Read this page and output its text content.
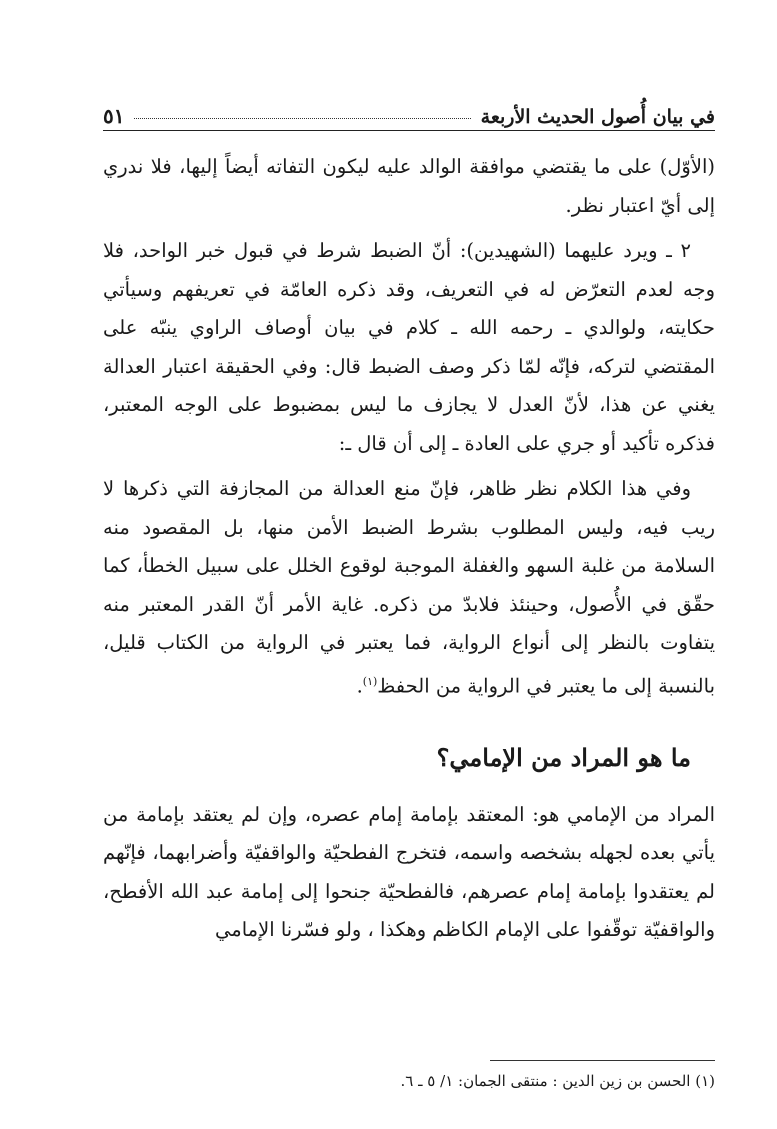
في بيان أُصول الحديث الأربعة
٥١

(الأوّل) على ما يقتضي موافقة الوالد عليه ليكون التفاته أيضاً إليها، فلا ندري إلى أيّ اعتبار نظر.

٢ ـ ويرد عليهما (الشهيدين): أنّ الضبط شرط في قبول خبر الواحد، فلا وجه لعدم التعرّض له في التعريف، وقد ذكره العامّة في تعريفهم وسيأتي حكايته، ولوالدي ـ رحمه الله ـ كلام في بيان أوصاف الراوي ينبّه على المقتضي لتركه، فإنّه لمّا ذكر وصف الضبط قال: وفي الحقيقة اعتبار العدالة يغني عن هذا، لأنّ العدل لا يجازف ما ليس بمضبوط على الوجه المعتبر، فذكره تأكيد أو جري على العادة ـ إلى أن قال ـ:

وفي هذا الكلام نظر ظاهر، فإنّ منع العدالة من المجازفة التي ذكرها لا ريب فيه، وليس المطلوب بشرط الضبط الأمن منها، بل المقصود منه السلامة من غلبة السهو والغفلة الموجبة لوقوع الخلل على سبيل الخطأ، كما حقّق في الأُصول، وحينئذ فلابدّ من ذكره. غاية الأمر أنّ القدر المعتبر منه يتفاوت بالنظر إلى أنواع الرواية، فما يعتبر في الرواية من الكتاب قليل، بالنسبة إلى ما يعتبر في الرواية من الحفظ$^{(١)}$.

ما هو المراد من الإمامي؟

المراد من الإمامي هو: المعتقد بإمامة إمام عصره، وإن لم يعتقد بإمامة من يأتي بعده لجهله بشخصه واسمه، فتخرج الفطحيّة والواقفيّة وأضرابهما، فإنّهم لم يعتقدوا بإمامة إمام عصرهم، فالفطحيّة جنحوا إلى إمامة عبد الله الأفطح، والواقفيّة توقّفوا على الإمام الكاظم وهكذا ، ولو فسّرنا الإمامي

(١) الحسن بن زين الدين : منتقى الجمان: ١/ ٥ ـ ٦.
